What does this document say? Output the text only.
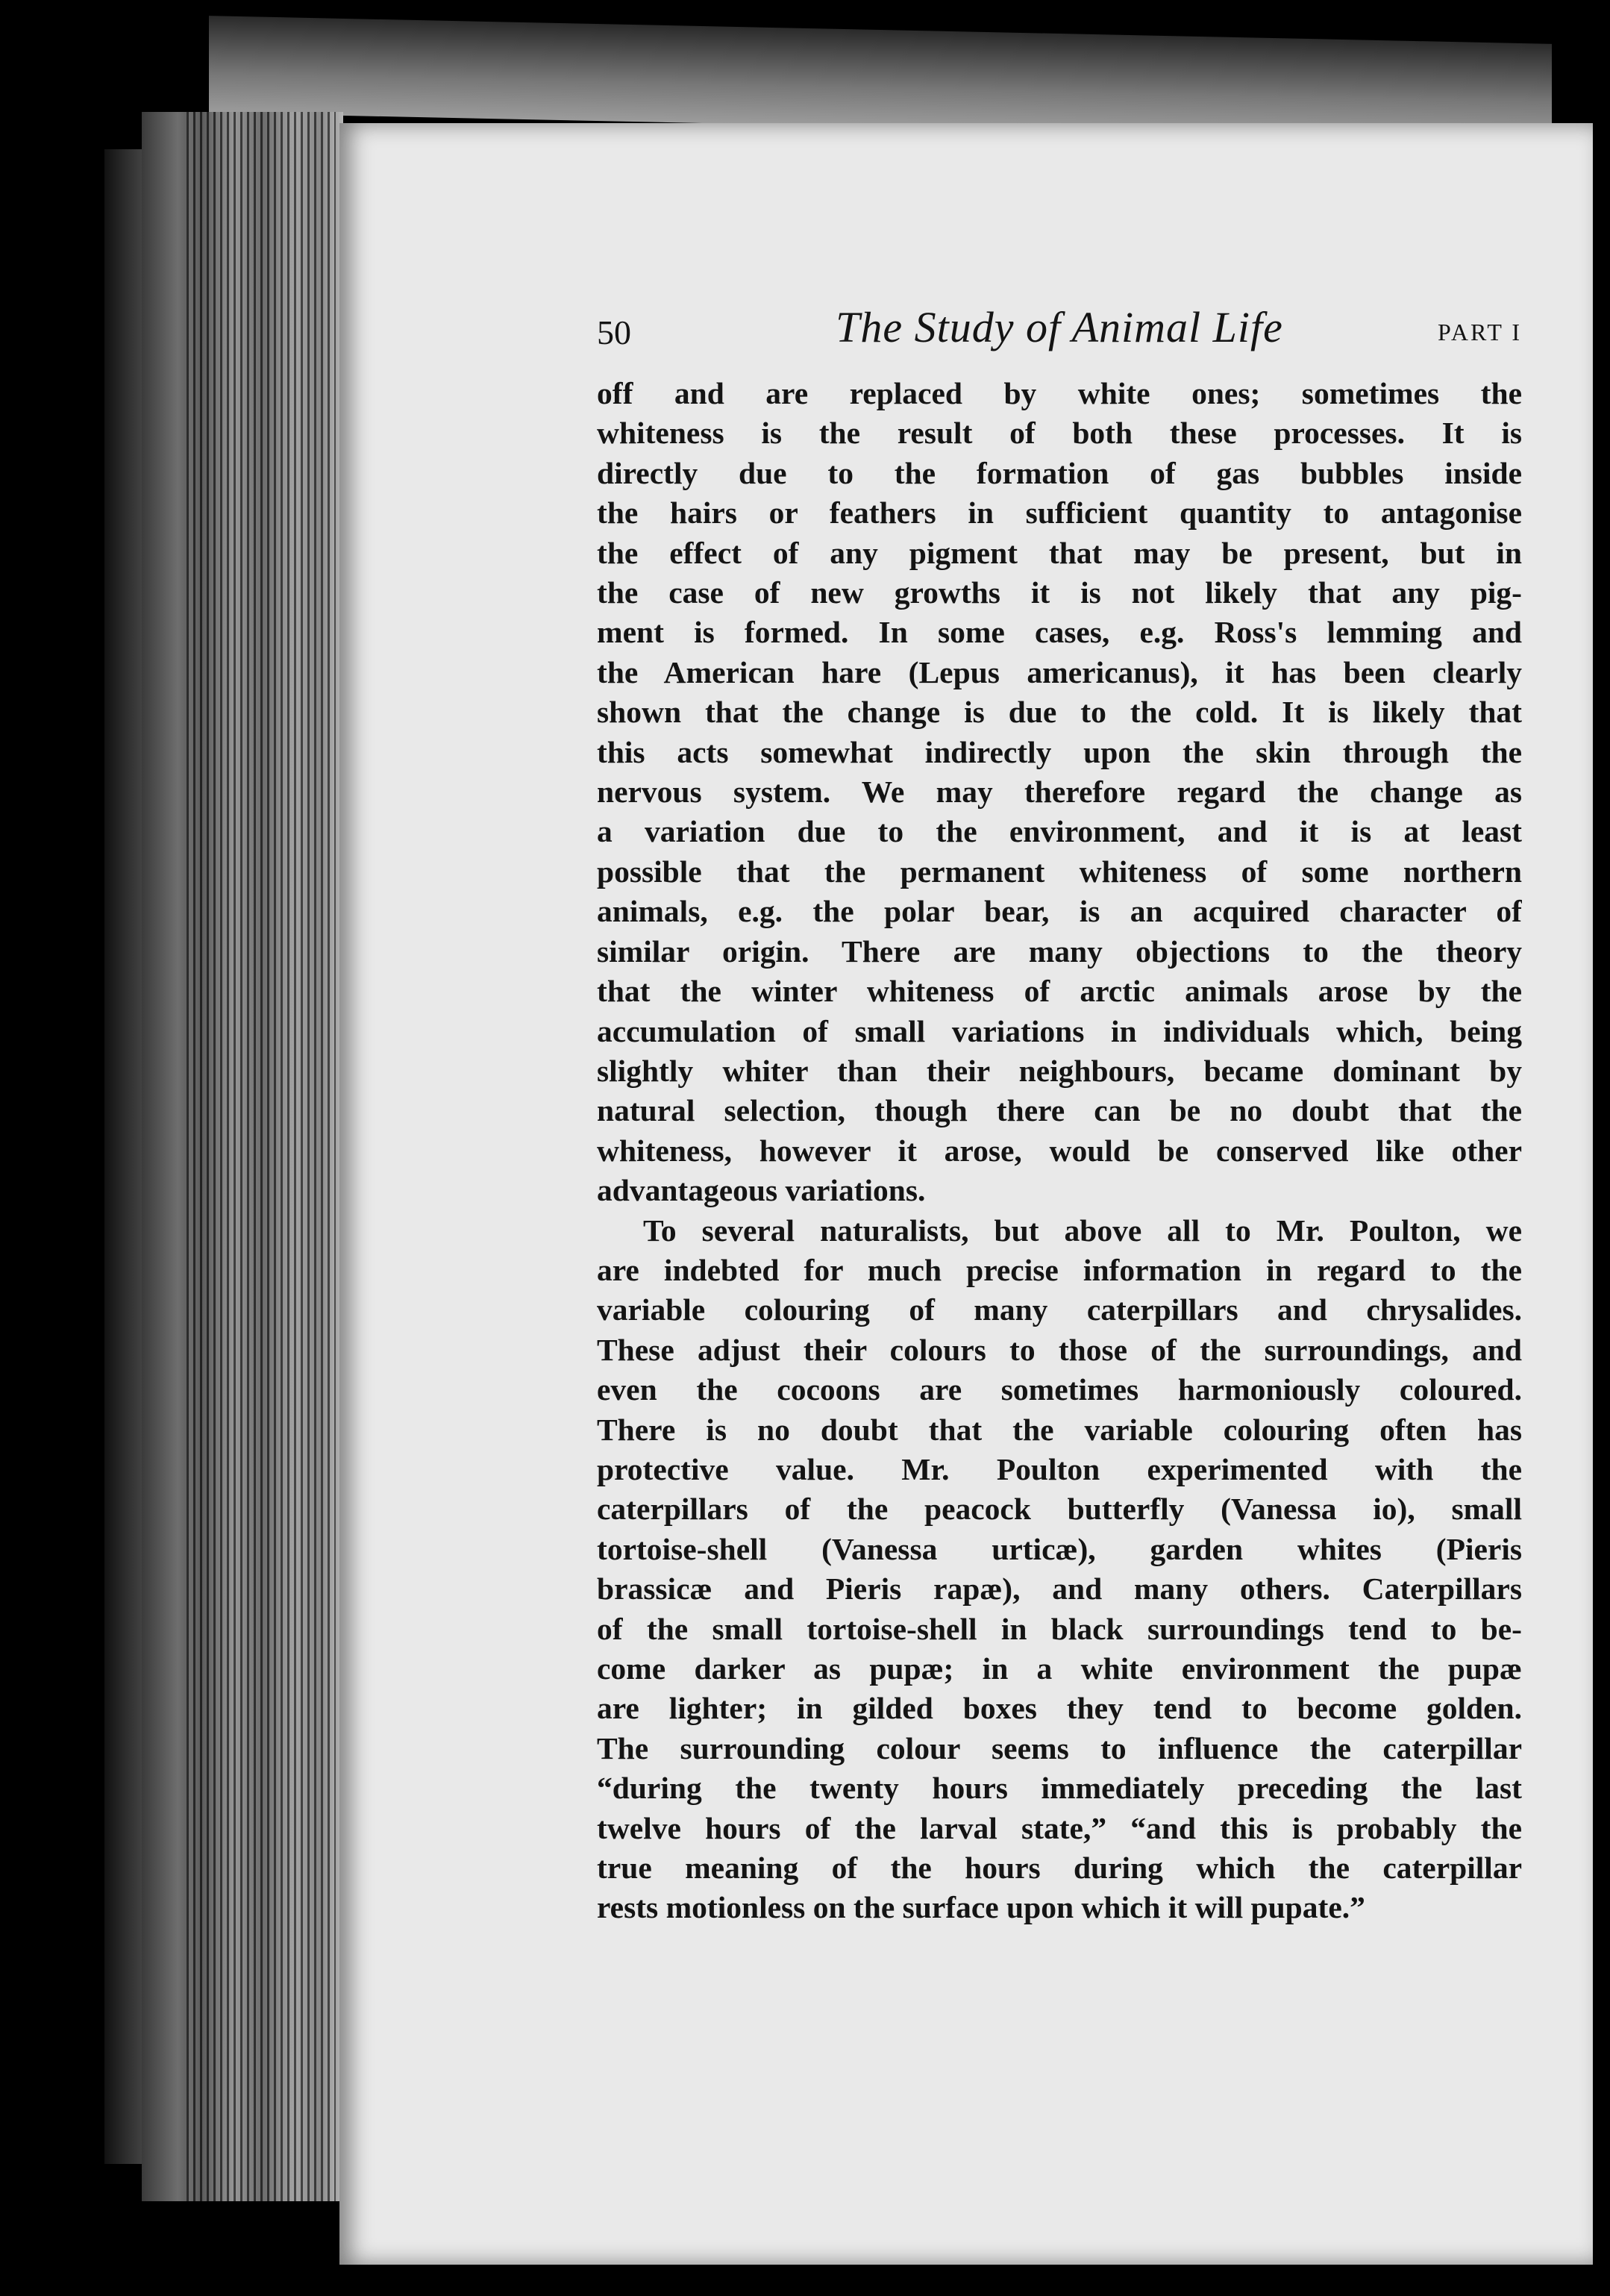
50	The Study of Animal Life	PART I
off and are replaced by white ones; sometimes the
whiteness is the result of both these processes. It is
directly due to the formation of gas bubbles inside
the hairs or feathers in sufficient quantity to antagonise
the effect of any pigment that may be present, but in
the case of new growths it is not likely that any pig-
ment is formed. In some cases, e.g. Ross's lemming and
the American hare (Lepus americanus), it has been clearly
shown that the change is due to the cold. It is likely that
this acts somewhat indirectly upon the skin through the
nervous system. We may therefore regard the change as
a variation due to the environment, and it is at least
possible that the permanent whiteness of some northern
animals, e.g. the polar bear, is an acquired character of
similar origin. There are many objections to the theory
that the winter whiteness of arctic animals arose by the
accumulation of small variations in individuals which, being
slightly whiter than their neighbours, became dominant by
natural selection, though there can be no doubt that the
whiteness, however it arose, would be conserved like other
advantageous variations.
To several naturalists, but above all to Mr. Poulton, we
are indebted for much precise information in regard to the
variable colouring of many caterpillars and chrysalides.
These adjust their colours to those of the surroundings, and
even the cocoons are sometimes harmoniously coloured.
There is no doubt that the variable colouring often has
protective value. Mr. Poulton experimented with the
caterpillars of the peacock butterfly (Vanessa io), small
tortoise-shell (Vanessa urticæ), garden whites (Pieris
brassicæ and Pieris rapæ), and many others. Caterpillars
of the small tortoise-shell in black surroundings tend to be-
come darker as pupæ; in a white environment the pupæ
are lighter; in gilded boxes they tend to become golden.
The surrounding colour seems to influence the caterpillar
“during the twenty hours immediately preceding the last
twelve hours of the larval state,” “and this is probably the
true meaning of the hours during which the caterpillar
rests motionless on the surface upon which it will pupate.”
